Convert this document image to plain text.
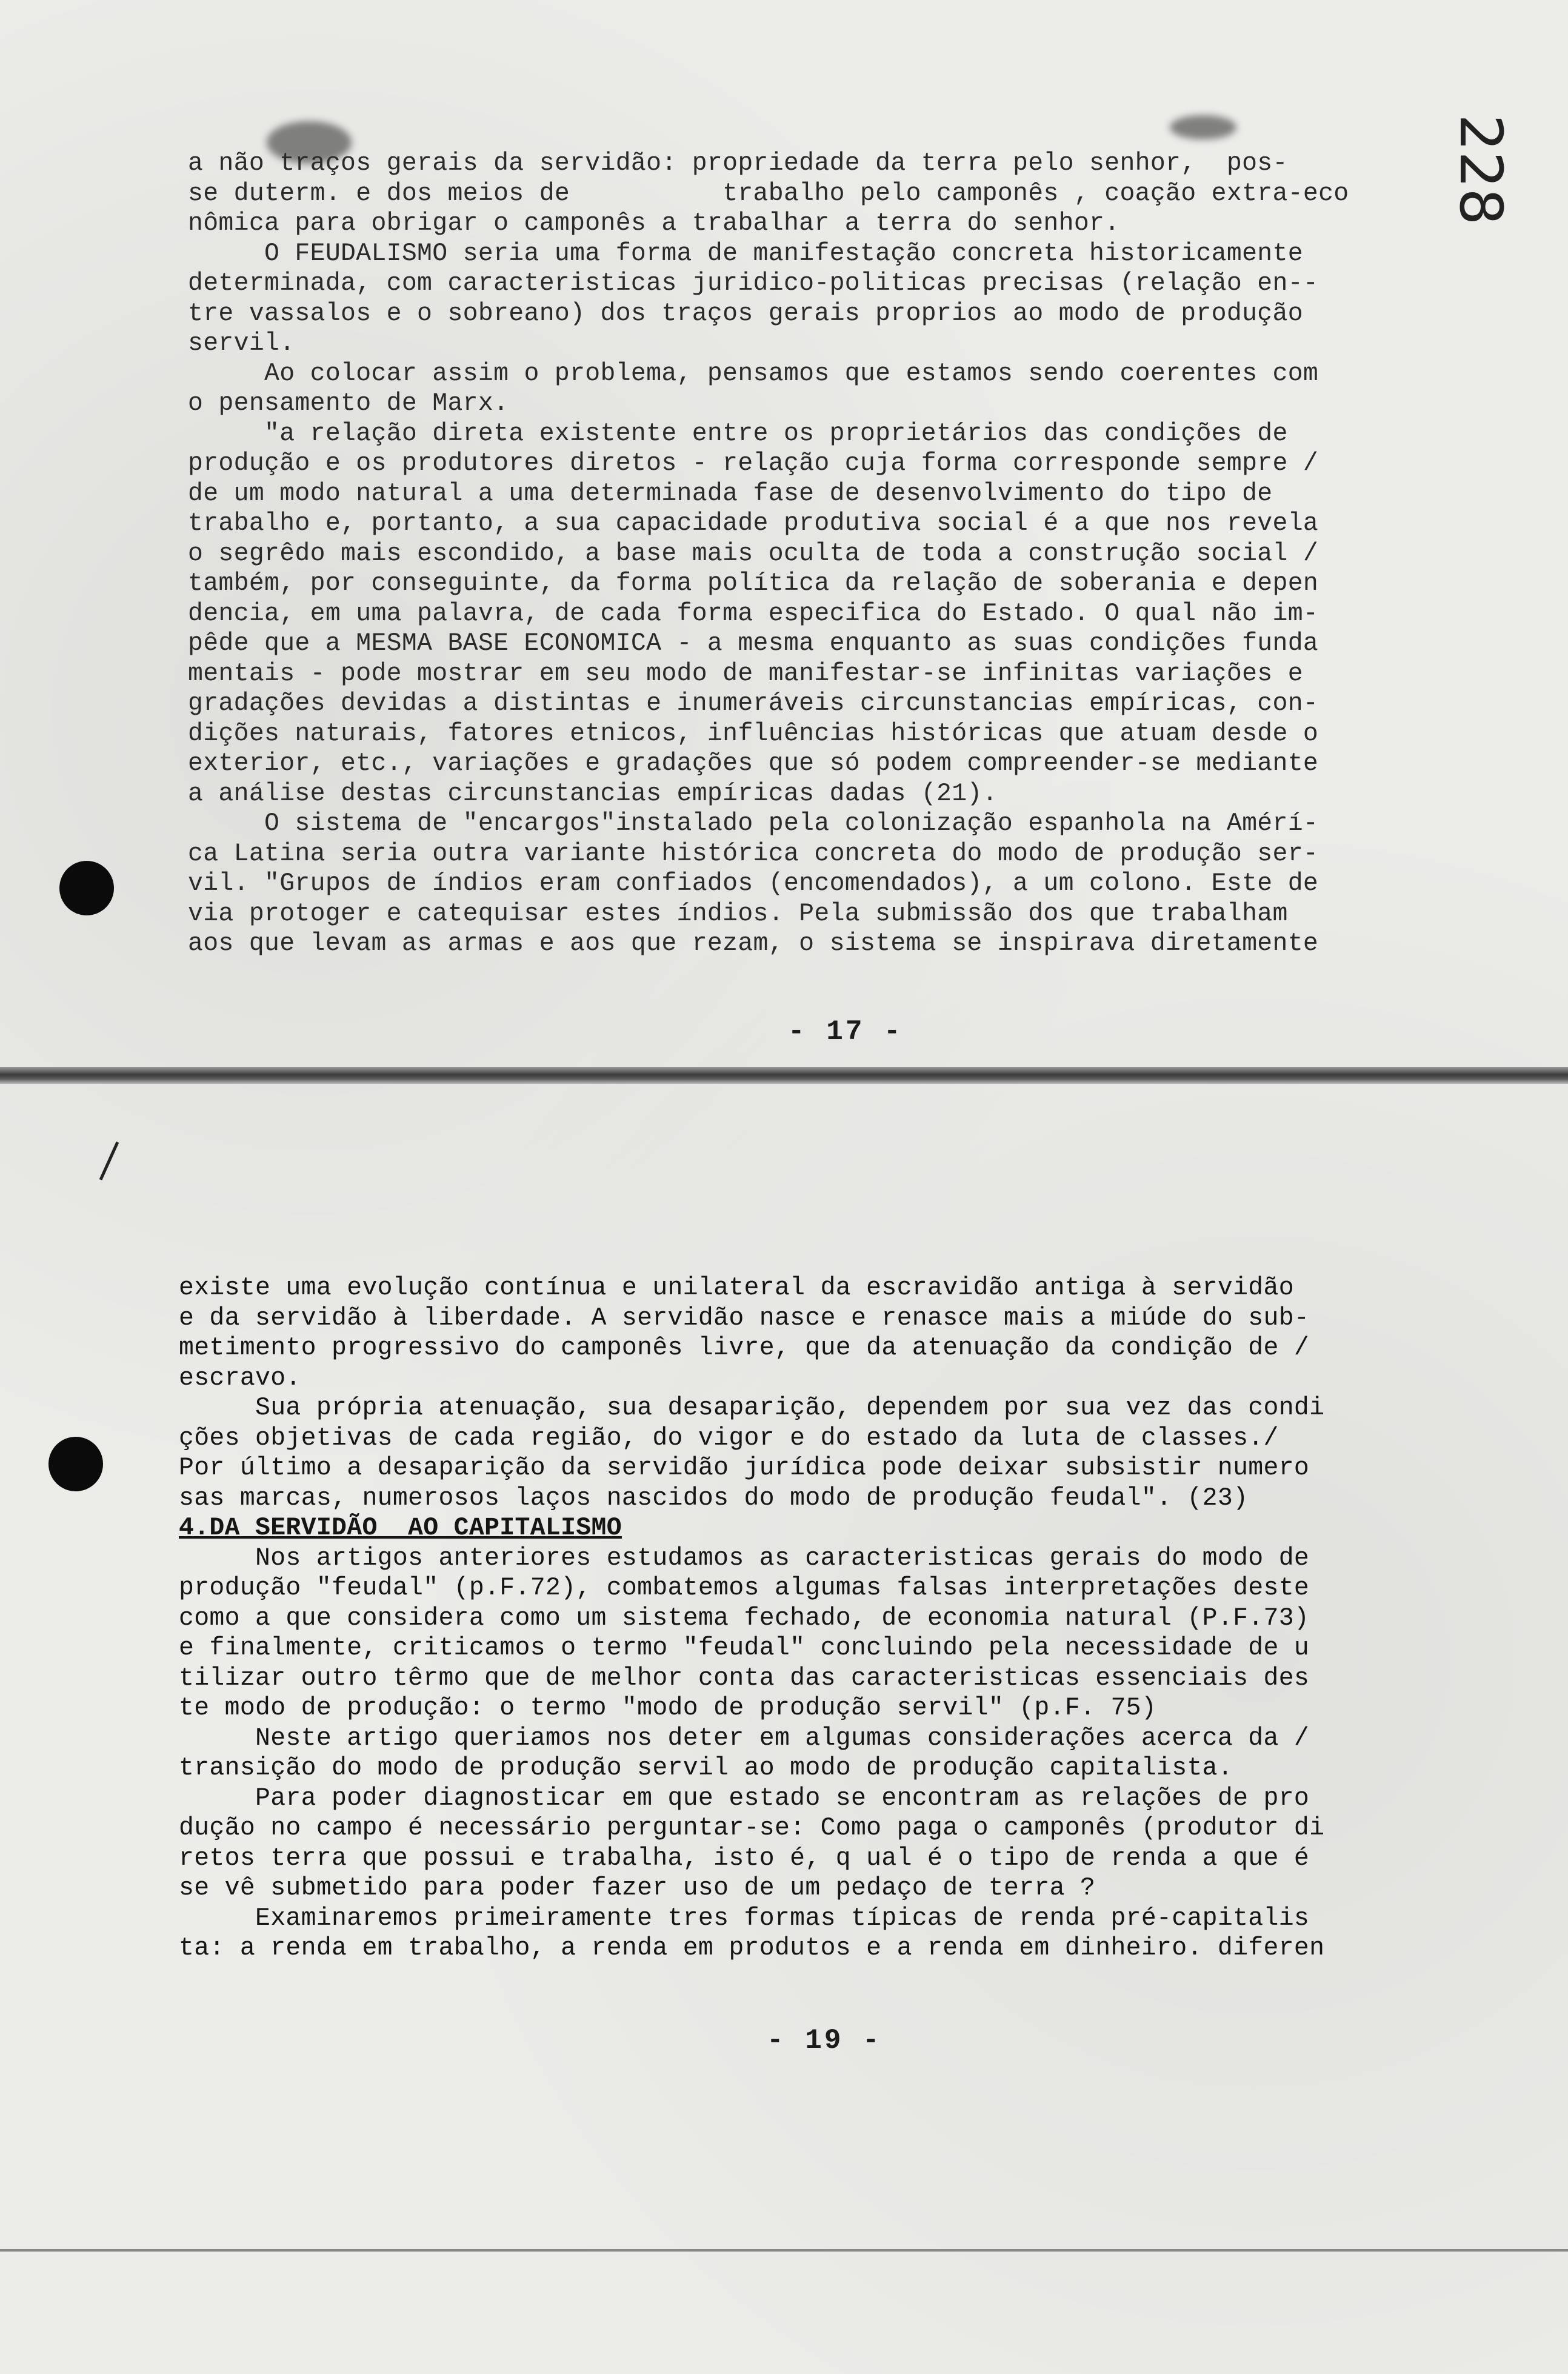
228
a não traços gerais da servidão: propriedade da terra pelo senhor,  pos-
se duterm. e dos meios de          trabalho pelo camponês , coação extra-eco
nômica para obrigar o camponês a trabalhar a terra do senhor.
O FEUDALISMO seria uma forma de manifestação concreta historicamente
determinada, com caracteristicas juridico-politicas precisas (relação en--
tre vassalos e o sobreano) dos traços gerais proprios ao modo de produção
servil.
Ao colocar assim o problema, pensamos que estamos sendo coerentes com
o pensamento de Marx.
"a relação direta existente entre os proprietários das condições de
produção e os produtores diretos - relação cuja forma corresponde sempre /
de um modo natural a uma determinada fase de desenvolvimento do tipo de
trabalho e, portanto, a sua capacidade produtiva social é a que nos revela
o segrêdo mais escondido, a base mais oculta de toda a construção social /
também, por conseguinte, da forma política da relação de soberania e depen
dencia, em uma palavra, de cada forma especifica do Estado. O qual não im-
pêde que a MESMA BASE ECONOMICA - a mesma enquanto as suas condições funda
mentais - pode mostrar em seu modo de manifestar-se infinitas variações e
gradações devidas a distintas e inumeráveis circunstancias empíricas, con-
dições naturais, fatores etnicos, influências históricas que atuam desde o
exterior, etc., variações e gradações que só podem compreender-se mediante
a análise destas circunstancias empíricas dadas (21).
O sistema de "encargos"instalado pela colonização espanhola na Amérí-
ca Latina seria outra variante histórica concreta do modo de produção ser-
vil. "Grupos de índios eram confiados (encomendados), a um colono. Este de
via protoger e catequisar estes índios. Pela submissão dos que trabalham
aos que levam as armas e aos que rezam, o sistema se inspirava diretamente
- 17 -
existe uma evolução contínua e unilateral da escravidão antiga à servidão
e da servidão à liberdade. A servidão nasce e renasce mais a miúde do sub-
metimento progressivo do camponês livre, que da atenuação da condição de /
escravo.
Sua própria atenuação, sua desaparição, dependem por sua vez das condi
ções objetivas de cada região, do vigor e do estado da luta de classes./
Por último a desaparição da servidão jurídica pode deixar subsistir numero
sas marcas, numerosos laços nascidos do modo de produção feudal". (23)
4.DA SERVIDÃO  AO CAPITALISMO
Nos artigos anteriores estudamos as caracteristicas gerais do modo de
produção "feudal" (p.F.72), combatemos algumas falsas interpretações deste
como a que considera como um sistema fechado, de economia natural (P.F.73)
e finalmente, criticamos o termo "feudal" concluindo pela necessidade de u
tilizar outro têrmo que de melhor conta das caracteristicas essenciais des
te modo de produção: o termo "modo de produção servil" (p.F. 75)
Neste artigo queriamos nos deter em algumas considerações acerca da /
transição do modo de produção servil ao modo de produção capitalista.
Para poder diagnosticar em que estado se encontram as relações de pro
dução no campo é necessário perguntar-se: Como paga o camponês (produtor di
retos terra que possui e trabalha, isto é, q ual é o tipo de renda a que é
se vê submetido para poder fazer uso de um pedaço de terra ?
Examinaremos primeiramente tres formas típicas de renda pré-capitalis
ta: a renda em trabalho, a renda em produtos e a renda em dinheiro. diferen
- 19 -
